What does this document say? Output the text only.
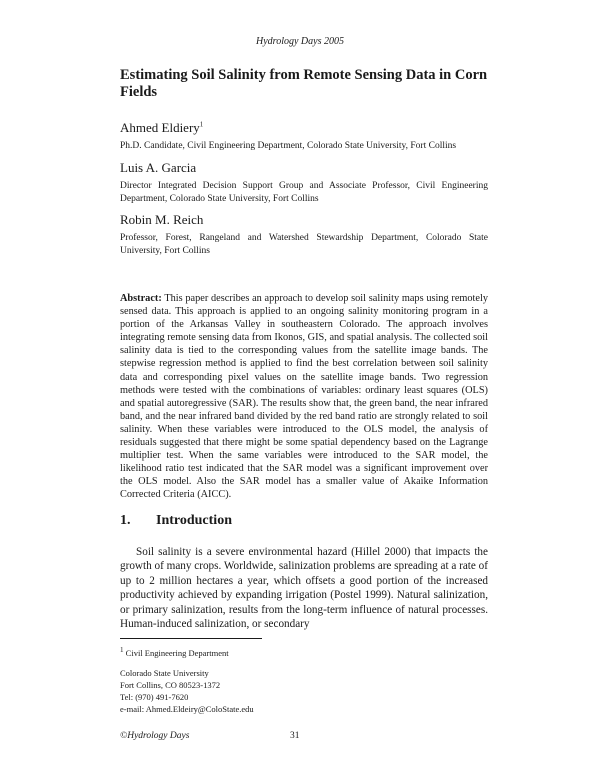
Hydrology Days 2005
Estimating Soil Salinity from Remote Sensing Data in Corn Fields
Ahmed Eldiery$^1$
Ph.D. Candidate, Civil Engineering Department, Colorado State University, Fort Collins
Luis A. Garcia
Director Integrated Decision Support Group and Associate Professor, Civil Engineering Department, Colorado State University, Fort Collins
Robin M. Reich
Professor, Forest, Rangeland and Watershed Stewardship Department, Colorado State University, Fort Collins
Abstract: This paper describes an approach to develop soil salinity maps using remotely sensed data. This approach is applied to an ongoing salinity monitoring program in a portion of the Arkansas Valley in southeastern Colorado. The approach involves integrating remote sensing data from Ikonos, GIS, and spatial analysis. The collected soil salinity data is tied to the corresponding values from the satellite image bands. The stepwise regression method is applied to find the best correlation between soil salinity data and corresponding pixel values on the satellite image bands. Two regression methods were tested with the combinations of variables: ordinary least squares (OLS) and spatial autoregressive (SAR). The results show that, the green band, the near infrared band, and the near infrared band divided by the red band ratio are strongly related to soil salinity. When these variables were introduced to the OLS model, the analysis of residuals suggested that there might be some spatial dependency based on the Lagrange multiplier test. When the same variables were introduced to the SAR model, the likelihood ratio test indicated that the SAR model was a significant improvement over the OLS model. Also the SAR model has a smaller value of Akaike Information Corrected Criteria (AICC).
1. Introduction
Soil salinity is a severe environmental hazard (Hillel 2000) that impacts the growth of many crops. Worldwide, salinization problems are spreading at a rate of up to 2 million hectares a year, which offsets a good portion of the increased productivity achieved by expanding irrigation (Postel 1999). Natural salinization, or primary salinization, results from the long-term influence of natural processes. Human-induced salinization, or secondary
$^1$ Civil Engineering Department
Colorado State University
Fort Collins, CO 80523-1372
Tel: (970) 491-7620
e-mail: Ahmed.Eldeiry@ColoState.edu
©Hydrology Days	31
